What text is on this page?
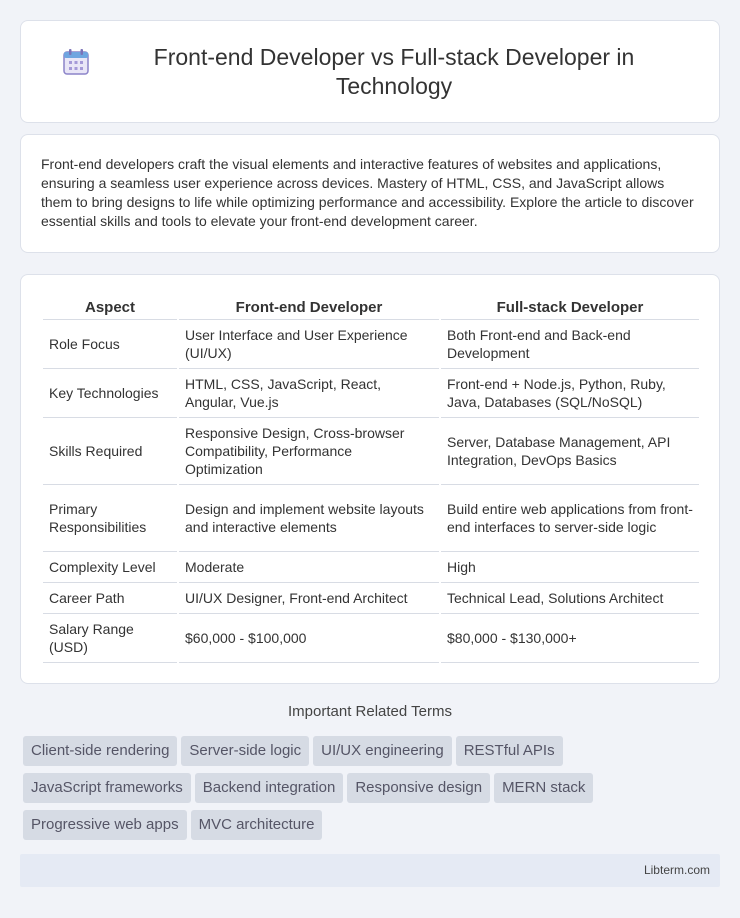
Front-end Developer vs Full-stack Developer in Technology

Front-end developers craft the visual elements and interactive features of websites and applications, ensuring a seamless user experience across devices. Mastery of HTML, CSS, and JavaScript allows them to bring designs to life while optimizing performance and accessibility. Explore the article to discover essential skills and tools to elevate your front-end development career.

Aspect	Front-end Developer	Full-stack Developer
Role Focus	User Interface and User Experience (UI/UX)	Both Front-end and Back-end Development
Key Technologies	HTML, CSS, JavaScript, React, Angular, Vue.js	Front-end + Node.js, Python, Ruby, Java, Databases (SQL/NoSQL)
Skills Required	Responsive Design, Cross-browser Compatibility, Performance Optimization	Server, Database Management, API Integration, DevOps Basics
Primary Responsibilities	Design and implement website layouts and interactive elements	Build entire web applications from front-end interfaces to server-side logic
Complexity Level	Moderate	High
Career Path	UI/UX Designer, Front-end Architect	Technical Lead, Solutions Architect
Salary Range (USD)	$60,000 - $100,000	$80,000 - $130,000+
Important Related Terms
Client-side rendering Server-side logic UI/UX engineering RESTful APIs
JavaScript frameworks Backend integration Responsive design MERN stack
Progressive web apps MVC architecture
Libterm.com
